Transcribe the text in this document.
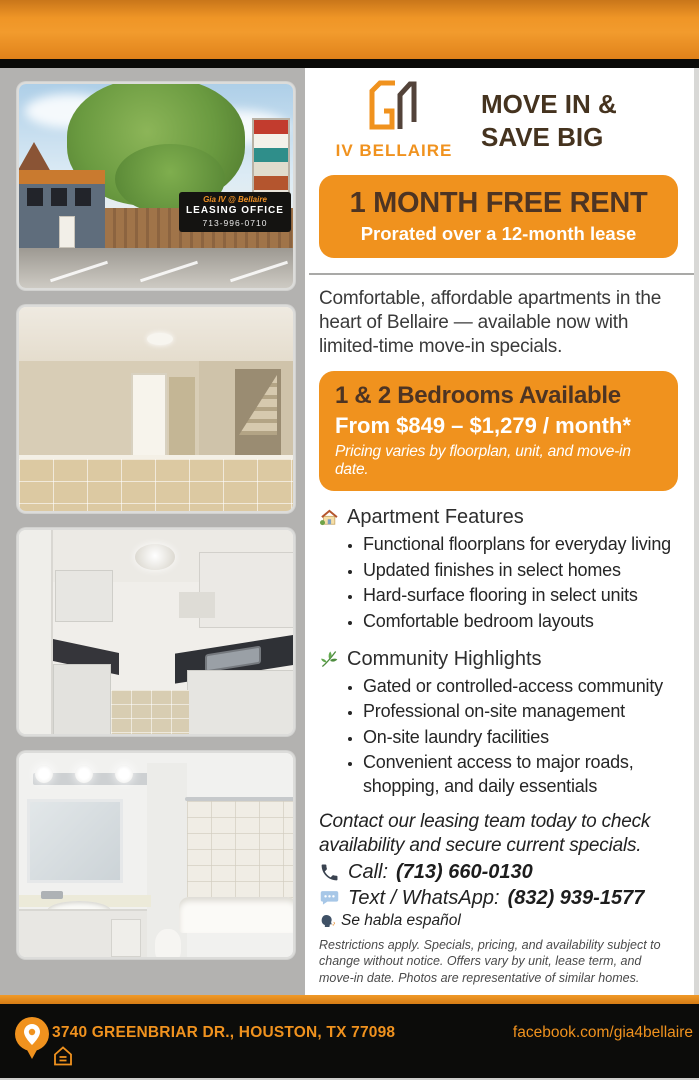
Gia IV @ Bellaire
LEASING OFFICE
713-996-0710
IV BELLAIRE
MOVE IN &
SAVE BIG
1 MONTH FREE RENT
Prorated over a 12-month lease

Comfortable, affordable apartments in the heart of Bellaire — available now with limited-time move-in specials.

1 & 2 Bedrooms Available
From $849 – $1,279 / month*
Pricing varies by floorplan, unit, and move-in date.
Apartment Features
• Functional floorplans for everyday living
• Updated finishes in select homes
• Hard-surface flooring in select units
• Comfortable bedroom layouts
Community Highlights
• Gated or controlled-access community
• Professional on-site management
• On-site laundry facilities
• Convenient access to major roads, shopping, and daily essentials

Contact our leasing team today to check availability and secure current specials.

Call: (713) 660-0130
Text / WhatsApp: (832) 939-1577
Se habla español

Restrictions apply. Specials, pricing, and availability subject to change without notice. Offers vary by unit, lease term, and move-in date. Photos are representative of similar homes.

3740 GREENBRIAR DR., HOUSTON, TX 77098	facebook.com/gia4bellaire
